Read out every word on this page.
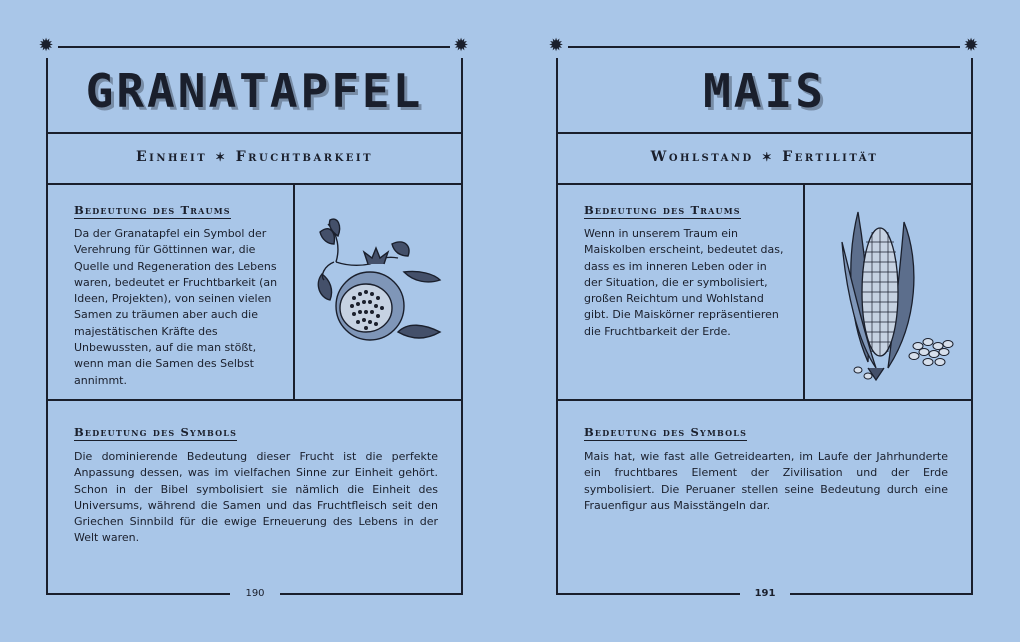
✹	✹
GRANATAPFEL
Einheit ✶ Fruchtbarkeit
Bedeutung des Traums
Da der Granatapfel ein Symbol der Verehrung für Göttinnen war, die Quelle und Regeneration des Lebens waren, bedeutet er Fruchtbarkeit (an Ideen, Projekten), von seinen vielen Samen zu träumen aber auch die majestätischen Kräfte des Unbewussten, auf die man stößt, wenn man die Samen des Selbst annimmt.
Bedeutung des Symbols
Die dominierende Bedeutung dieser Frucht ist die perfekte Anpassung dessen, was im vielfachen Sinne zur Einheit gehört. Schon in der Bibel symbolisiert sie nämlich die Einheit des Universums, während die Samen und das Fruchtfleisch seit den Griechen Sinnbild für die ewige Erneuerung des Lebens in der Welt waren.
190
✹	✹
MAIS
Wohlstand ✶ Fertilität
Bedeutung des Traums
Wenn in unserem Traum ein Maiskolben erscheint, bedeutet das, dass es im inneren Leben oder in der Situation, die er symbolisiert, großen Reichtum und Wohlstand gibt. Die Maiskörner repräsentieren die Fruchtbarkeit der Erde.
Bedeutung des Symbols
Mais hat, wie fast alle Getreidearten, im Laufe der Jahrhunderte ein fruchtbares Element der Zivilisation und der Erde symbolisiert. Die Peruaner stellen seine Bedeutung durch eine Frauenfigur aus Maisstängeln dar.
191
